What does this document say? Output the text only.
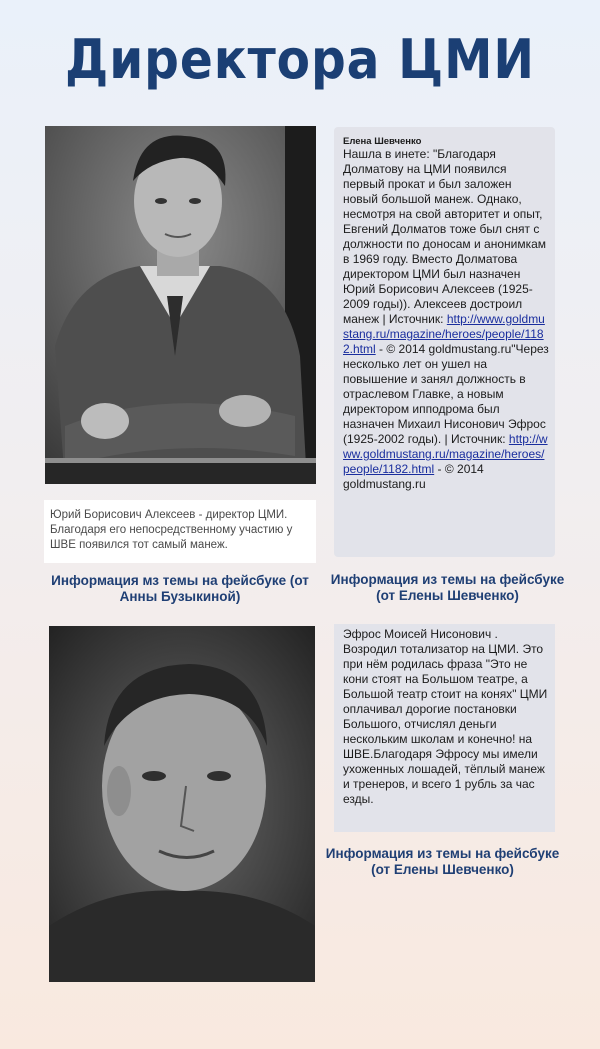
Директора ЦМИ
Юрий Борисович Алексеев - директор ЦМИ. Благодаря его непосредственному участию у ШВЕ появился тот самый манеж.
Информация мз темы на фейсбуке (от Анны Бузыкиной)
Елена Шевченко
Нашла в инете: "Благодаря Долматову на ЦМИ появился первый прокат и был заложен новый большой манеж. Однако, несмотря на свой авторитет и опыт, Евгений Долматов тоже был снят с должности по доносам и анонимкам в 1969 году. Вместо Долматова директором ЦМИ был назначен Юрий Борисович Алексеев (1925-2009 годы)). Алексеев достроил манеж | Источник: http://www.goldmustang.ru/magazine/heroes/people/1182.html - © 2014 goldmustang.ru"Через несколько лет он ушел на повышение и занял должность в отраслевом Главке, а новым директором ипподрома был назначен Михаил Нисонович Эфрос (1925-2002 годы). | Источник: http://www.goldmustang.ru/magazine/heroes/people/1182.html - © 2014 goldmustang.ru
Информация из темы на фейсбуке (от Елены Шевченко)
Эфрос Моисей Нисонович . Возродил тотализатор на ЦМИ. Это при нём родилась фраза "Это не кони стоят на Большом театре, а Большой театр стоит на конях" ЦМИ оплачивал дорогие постановки Большого, отчислял деньги нескольким школам и конечно! на ШВЕ.Благодаря Эфросу мы имели ухоженных лошадей, тёплый манеж и тренеров, и всего 1 рубль за час езды.
Информация из темы на фейсбуке (от Елены Шевченко)
